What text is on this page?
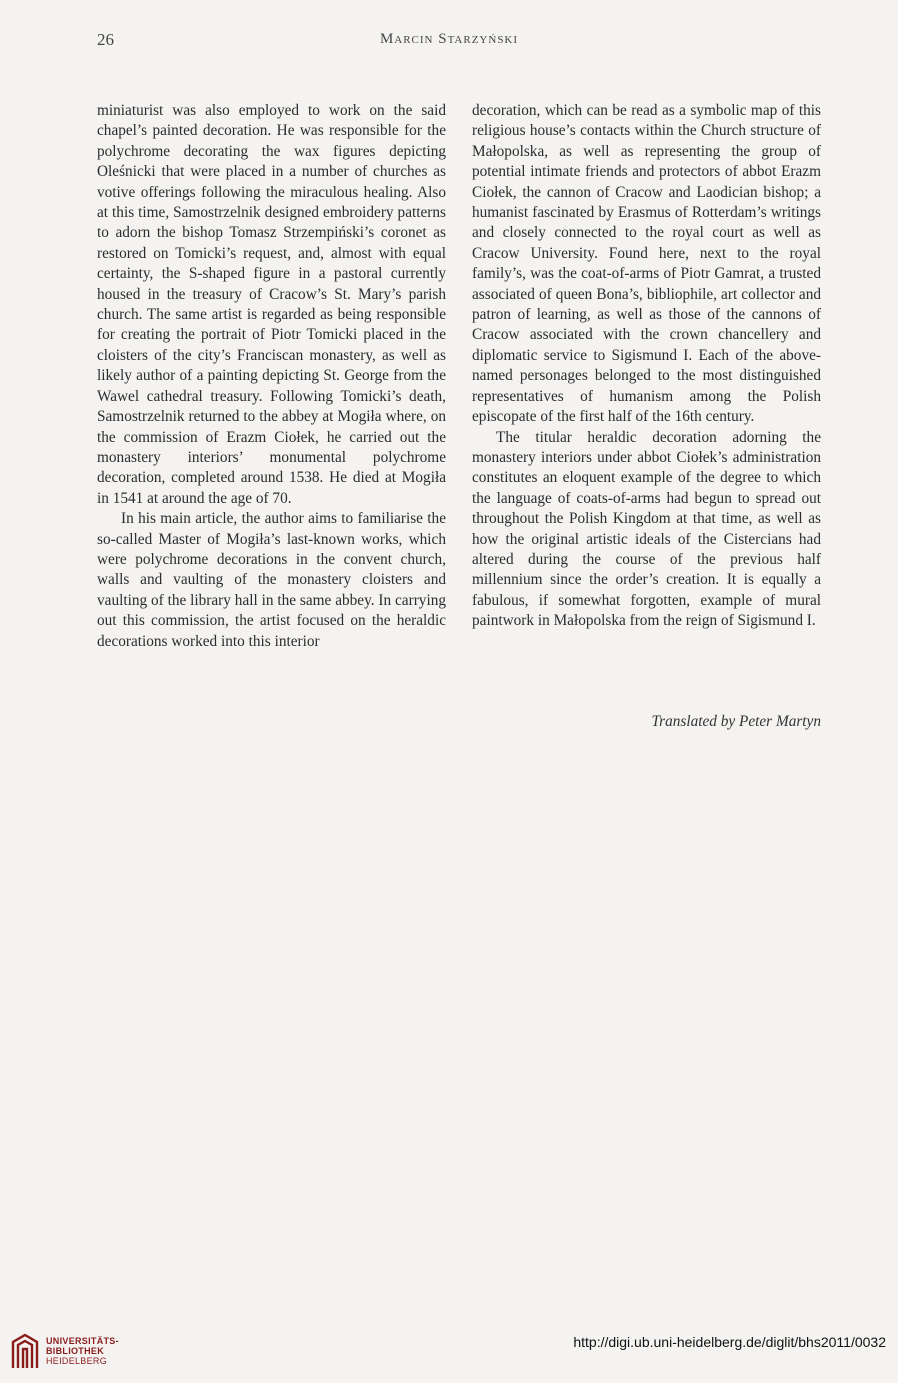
26	Marcin Starzyński

miniaturist was also employed to work on the said chapel’s painted decoration. He was responsible for the polychrome decorating the wax figures depicting Oleśnicki that were placed in a number of churches as votive offerings following the miraculous healing. Also at this time, Samostrzelnik designed embroidery patterns to adorn the bishop Tomasz Strzempiński’s coronet as restored on Tomicki’s request, and, almost with equal certainty, the S-shaped figure in a pastoral currently housed in the treasury of Cracow’s St. Mary’s parish church. The same artist is regarded as being responsible for creating the portrait of Piotr Tomicki placed in the cloisters of the city’s Franciscan monastery, as well as likely author of a painting depicting St. George from the Wawel cathedral treasury. Following Tomicki’s death, Samostrzelnik returned to the abbey at Mogiła where, on the commission of Erazm Ciołek, he carried out the monastery interiors’ monumental polychrome decoration, completed around 1538. He died at Mogiła in 1541 at around the age of 70.

In his main article, the author aims to familiarise the so-called Master of Mogiła’s last-known works, which were polychrome decorations in the convent church, walls and vaulting of the monastery cloisters and vaulting of the library hall in the same abbey. In carrying out this commission, the artist focused on the heraldic decorations worked into this interior

decoration, which can be read as a symbolic map of this religious house’s contacts within the Church structure of Małopolska, as well as representing the group of potential intimate friends and protectors of abbot Erazm Ciołek, the cannon of Cracow and Laodician bishop; a humanist fascinated by Erasmus of Rotterdam’s writings and closely connected to the royal court as well as Cracow University. Found here, next to the royal family’s, was the coat-of-arms of Piotr Gamrat, a trusted associated of queen Bona’s, bibliophile, art collector and patron of learning, as well as those of the cannons of Cracow associated with the crown chancellery and diplomatic service to Sigismund I. Each of the above-named personages belonged to the most distinguished representatives of humanism among the Polish episcopate of the first half of the 16th century.

The titular heraldic decoration adorning the monastery interiors under abbot Ciołek’s administration constitutes an eloquent example of the degree to which the language of coats-of-arms had begun to spread out throughout the Polish Kingdom at that time, as well as how the original artistic ideals of the Cistercians had altered during the course of the previous half millennium since the order’s creation. It is equally a fabulous, if somewhat forgotten, example of mural paintwork in Małopolska from the reign of Sigismund I.

Translated by Peter Martyn
UNIVERSITÄTS-
BIBLIOTHEK
HEIDELBERG
http://digi.ub.uni-heidelberg.de/diglit/bhs2011/0032
